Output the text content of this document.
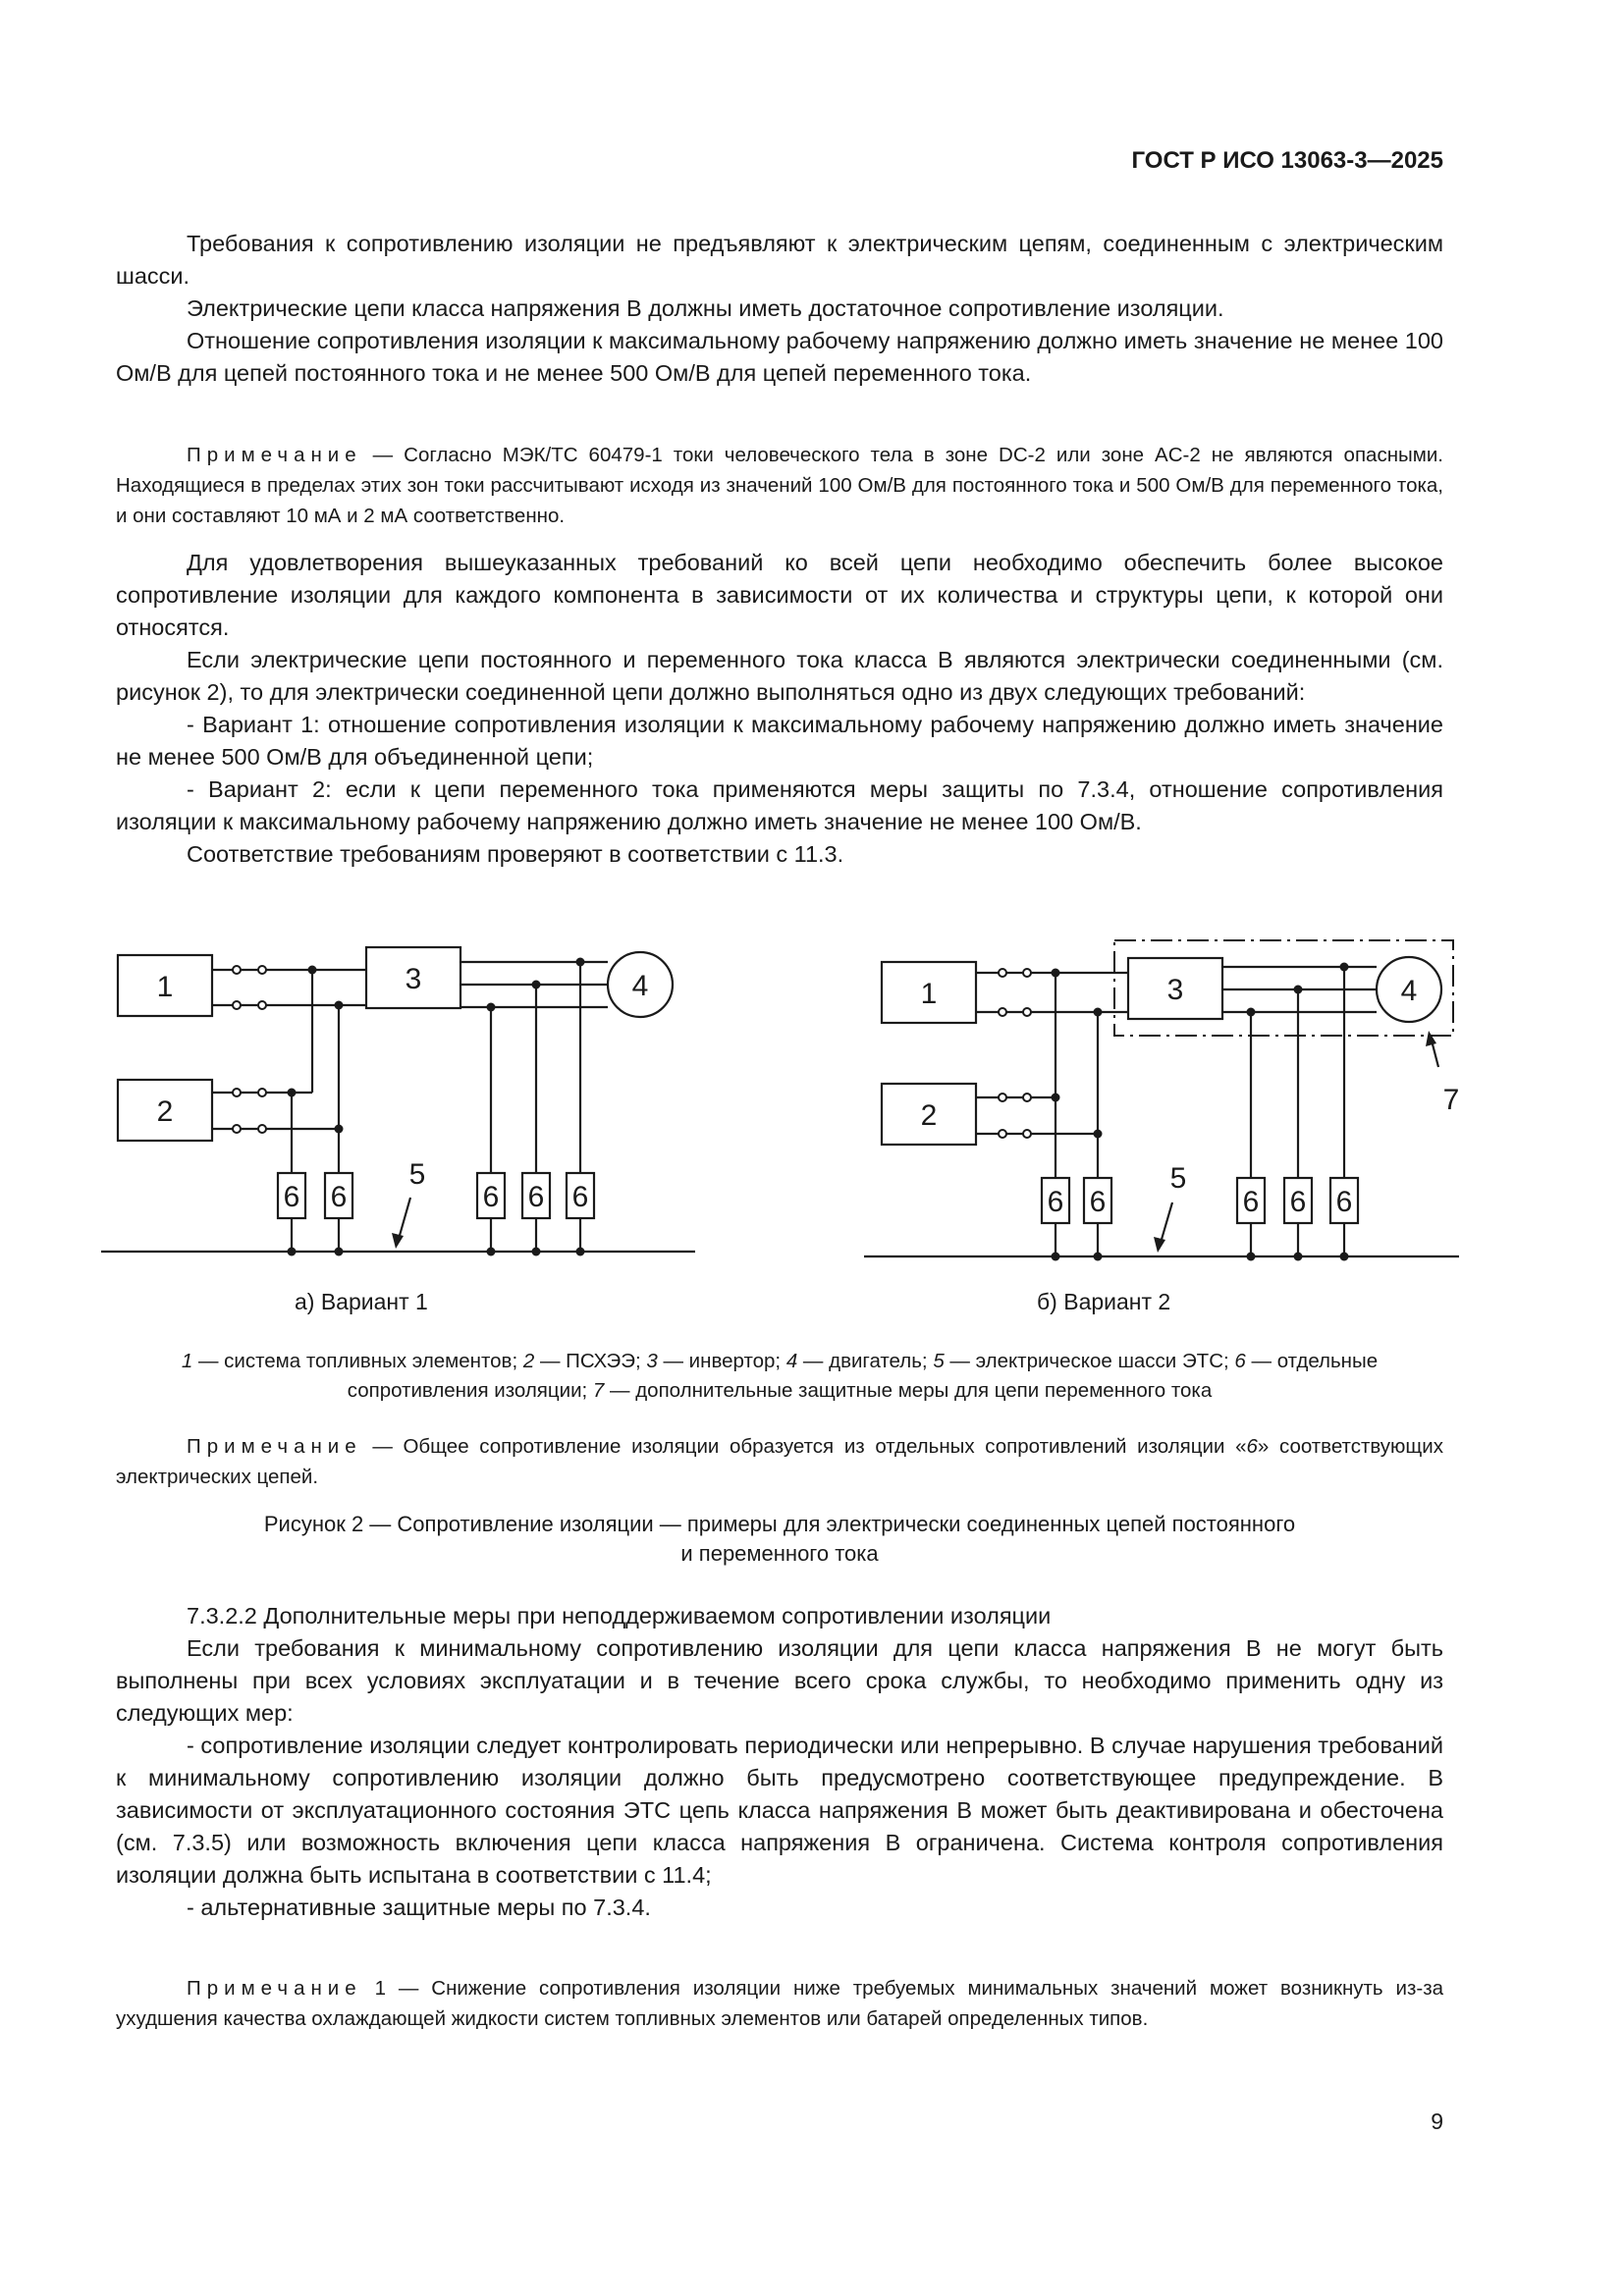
ГОСТ Р ИСО 13063-3—2025

Требования к сопротивлению изоляции не предъявляют к электрическим цепям, соединенным с электрическим шасси.

Электрические цепи класса напряжения B должны иметь достаточное сопротивление изоляции.

Отношение сопротивления изоляции к максимальному рабочему напряжению должно иметь значение не менее 100 Ом/В для цепей постоянного тока и не менее 500 Ом/В для цепей переменного тока.

Примечание — Согласно МЭК/ТС 60479-1 токи человеческого тела в зоне DC-2 или зоне AC-2 не являются опасными. Находящиеся в пределах этих зон токи рассчитывают исходя из значений 100 Ом/В для постоянного тока и 500 Ом/В для переменного тока, и они составляют 10 мА и 2 мА соответственно.

Для удовлетворения вышеуказанных требований ко всей цепи необходимо обеспечить более высокое сопротивление изоляции для каждого компонента в зависимости от их количества и структуры цепи, к которой они относятся.

Если электрические цепи постоянного и переменного тока класса B являются электрически соединенными (см. рисунок 2), то для электрически соединенной цепи должно выполняться одно из двух следующих требований:

- Вариант 1: отношение сопротивления изоляции к максимальному рабочему напряжению должно иметь значение не менее 500 Ом/В для объединенной цепи;

- Вариант 2: если к цепи переменного тока применяются меры защиты по 7.3.4, отношение сопротивления изоляции к максимальному рабочему напряжению должно иметь значение не менее 100 Ом/В.

Соответствие требованиям проверяют в соответствии с 11.3.

1
2
3	4
5
6 6	6 6 6
1
2
3	4
5
6 6	6 6 6
7
а) Вариант 1	б) Вариант 2
1 — система топливных элементов; 2 — ПСХЭЭ; 3 — инвертор; 4 — двигатель; 5 — электрическое шасси ЭТС; 6 — отдельные сопротивления изоляции; 7 — дополнительные защитные меры для цепи переменного тока

Примечание — Общее сопротивление изоляции образуется из отдельных сопротивлений изоляции «6» соответствующих электрических цепей.

Рисунок 2 — Сопротивление изоляции — примеры для электрически соединенных цепей постоянного
и переменного тока

7.3.2.2 Дополнительные меры при неподдерживаемом сопротивлении изоляции

Если требования к минимальному сопротивлению изоляции для цепи класса напряжения B не могут быть выполнены при всех условиях эксплуатации и в течение всего срока службы, то необходимо применить одну из следующих мер:

- сопротивление изоляции следует контролировать периодически или непрерывно. В случае нарушения требований к минимальному сопротивлению изоляции должно быть предусмотрено соответствующее предупреждение. В зависимости от эксплуатационного состояния ЭТС цепь класса напряжения B может быть деактивирована и обесточена (см. 7.3.5) или возможность включения цепи класса напряжения B ограничена. Система контроля сопротивления изоляции должна быть испытана в соответствии с 11.4;

- альтернативные защитные меры по 7.3.4.

Примечание 1 — Снижение сопротивления изоляции ниже требуемых минимальных значений может возникнуть из-за ухудшения качества охлаждающей жидкости систем топливных элементов или батарей определенных типов.

9
